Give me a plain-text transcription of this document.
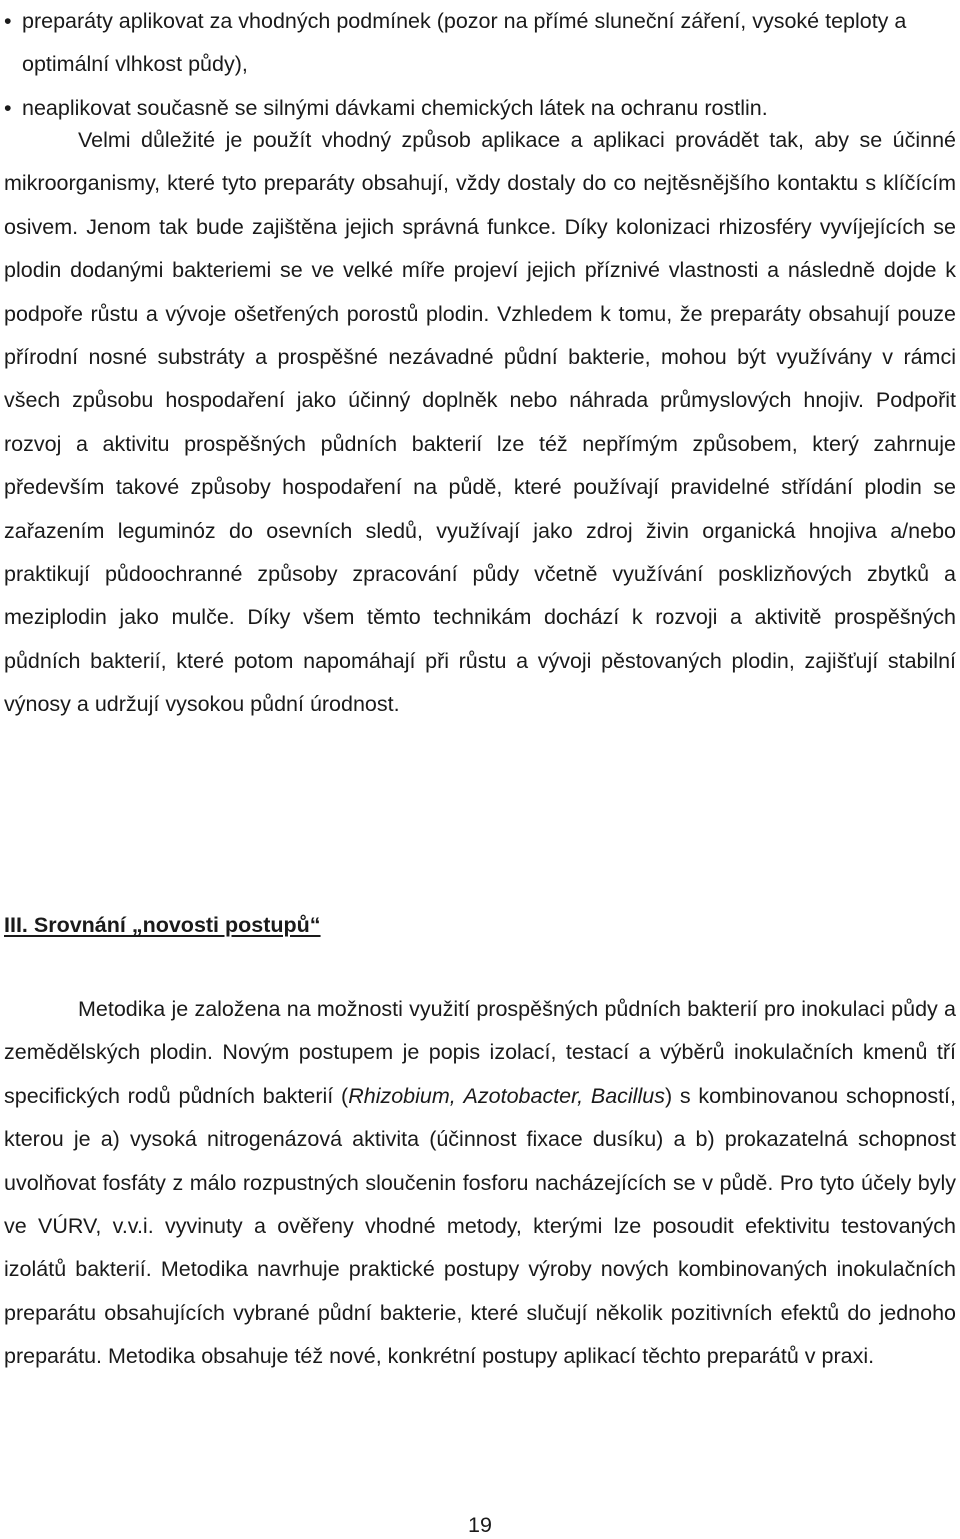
• preparáty aplikovat za vhodných podmínek (pozor na přímé sluneční záření, vysoké teploty a optimální vlhkost půdy),
• neaplikovat současně se silnými dávkami chemických látek na ochranu rostlin.

Velmi důležité je použít vhodný způsob aplikace a aplikaci provádět tak, aby se účinné mikroorganismy, které tyto preparáty obsahují, vždy dostaly do co nejtěsnějšího kontaktu s klíčícím osivem. Jenom tak bude zajištěna jejich správná funkce. Díky kolonizaci rhizosféry vyvíjejících se plodin dodanými bakteriemi se ve velké míře projeví jejich příznivé vlastnosti a následně dojde k podpoře růstu a vývoje ošetřených porostů plodin. Vzhledem k tomu, že preparáty obsahují pouze přírodní nosné substráty a prospěšné nezávadné půdní bakterie, mohou být využívány v rámci všech způsobu hospodaření jako účinný doplněk nebo náhrada průmyslových hnojiv. Podpořit rozvoj a aktivitu prospěšných půdních bakterií lze též nepřímým způsobem, který zahrnuje především takové způsoby hospodaření na půdě, které používají pravidelné střídání plodin se zařazením leguminóz do osevních sledů, využívají jako zdroj živin organická hnojiva a/nebo praktikují půdoochranné způsoby zpracování půdy včetně využívání posklizňových zbytků a meziplodin jako mulče. Díky všem těmto technikám dochází k rozvoji a aktivitě prospěšných půdních bakterií, které potom napomáhají při růstu a vývoji pěstovaných plodin, zajišťují stabilní výnosy a udržují vysokou půdní úrodnost.

III. Srovnání „novosti postupů“

Metodika je založena na možnosti využití prospěšných půdních bakterií pro inokulaci půdy a zemědělských plodin. Novým postupem je popis izolací, testací a výběrů inokulačních kmenů tří specifických rodů půdních bakterií (Rhizobium, Azotobacter, Bacillus) s kombinovanou schopností, kterou je a) vysoká nitrogenázová aktivita (účinnost fixace dusíku) a b) prokazatelná schopnost uvolňovat fosfáty z málo rozpustných sloučenin fosforu nacházejících se v půdě. Pro tyto účely byly ve VÚRV, v.v.i. vyvinuty a ověřeny vhodné metody, kterými lze posoudit efektivitu testovaných izolátů bakterií. Metodika navrhuje praktické postupy výroby nových kombinovaných inokulačních preparátu obsahujících vybrané půdní bakterie, které slučují několik pozitivních efektů do jednoho preparátu. Metodika obsahuje též nové, konkrétní postupy aplikací těchto preparátů v praxi.

19
